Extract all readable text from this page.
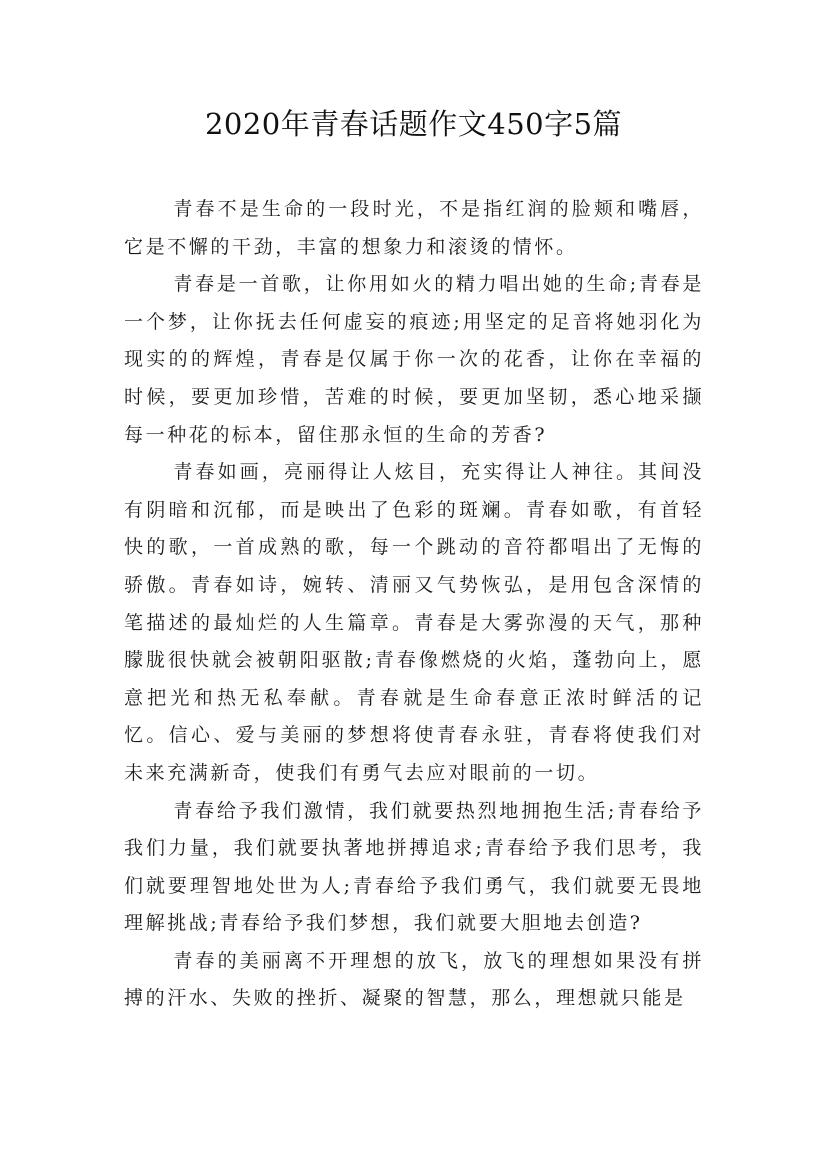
2020年青春话题作文450字5篇

青春不是生命的一段时光，不是指红润的脸颊和嘴唇，它是不懈的干劲，丰富的想象力和滚烫的情怀。

青春是一首歌，让你用如火的精力唱出她的生命;青春是一个梦，让你抚去任何虚妄的痕迹;用坚定的足音将她羽化为现实的的辉煌，青春是仅属于你一次的花香，让你在幸福的时候，要更加珍惜，苦难的时候，要更加坚韧，悉心地采撷每一种花的标本，留住那永恒的生命的芳香?

青春如画，亮丽得让人炫目，充实得让人神往。其间没有阴暗和沉郁，而是映出了色彩的斑斓。青春如歌，有首轻快的歌，一首成熟的歌，每一个跳动的音符都唱出了无悔的骄傲。青春如诗，婉转、清丽又气势恢弘，是用包含深情的笔描述的最灿烂的人生篇章。青春是大雾弥漫的天气，那种朦胧很快就会被朝阳驱散;青春像燃烧的火焰，蓬勃向上，愿意把光和热无私奉献。青春就是生命春意正浓时鲜活的记忆。信心、爱与美丽的梦想将使青春永驻，青春将使我们对未来充满新奇，使我们有勇气去应对眼前的一切。

青春给予我们激情，我们就要热烈地拥抱生活;青春给予我们力量，我们就要执著地拼搏追求;青春给予我们思考，我们就要理智地处世为人;青春给予我们勇气，我们就要无畏地理解挑战;青春给予我们梦想，我们就要大胆地去创造?

青春的美丽离不开理想的放飞，放飞的理想如果没有拼搏的汗水、失败的挫折、凝聚的智慧，那么，理想就只能是
